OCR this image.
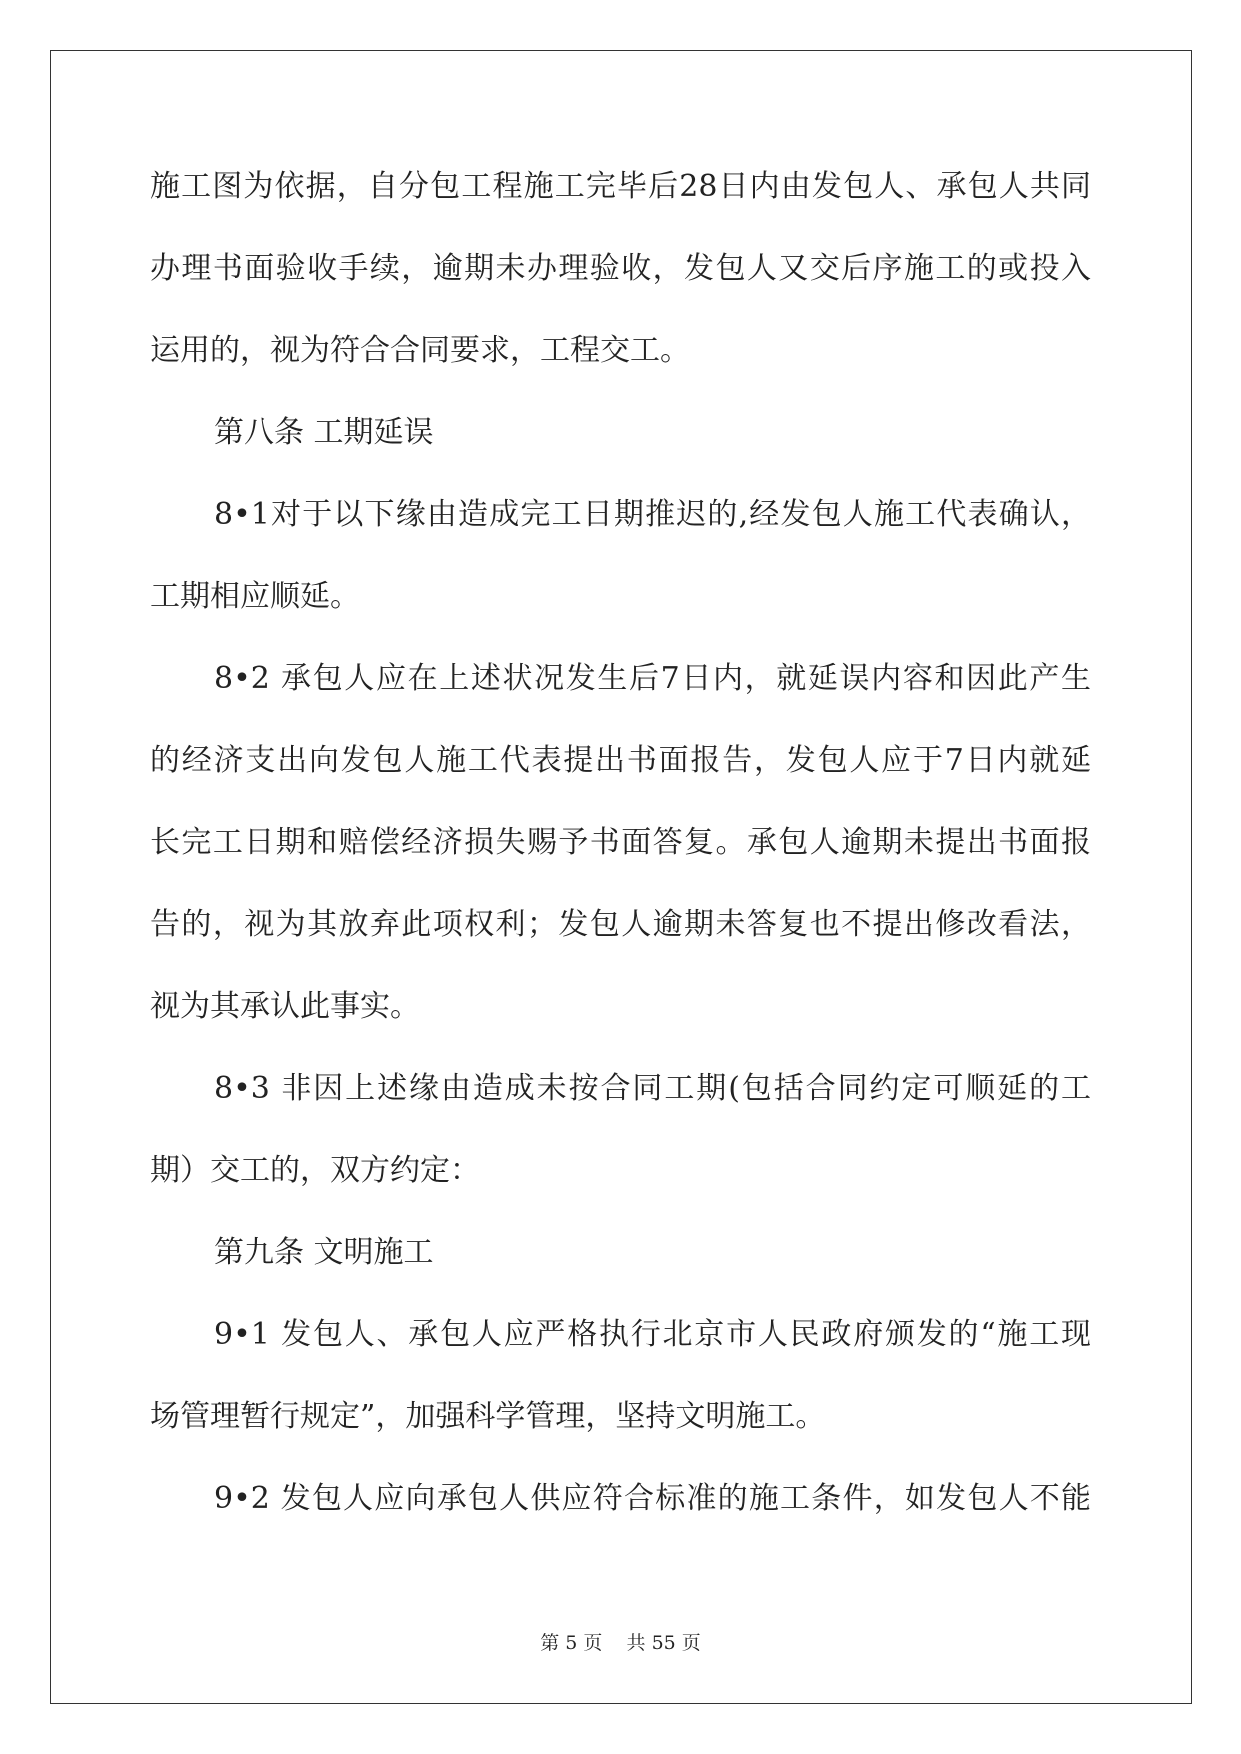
施工图为依据，自分包工程施工完毕后28日内由发包人、承包人共同
办理书面验收手续，逾期未办理验收，发包人又交后序施工的或投入
运用的，视为符合合同要求，工程交工。
第八条 工期延误
8•1对于以下缘由造成完工日期推迟的,经发包人施工代表确认，
工期相应顺延。
8•2 承包人应在上述状况发生后7日内，就延误内容和因此产生
的经济支出向发包人施工代表提出书面报告，发包人应于7日内就延
长完工日期和赔偿经济损失赐予书面答复。承包人逾期未提出书面报
告的，视为其放弃此项权利；发包人逾期未答复也不提出修改看法，
视为其承认此事实。
8•3 非因上述缘由造成未按合同工期(包括合同约定可顺延的工
期）交工的，双方约定：
第九条 文明施工
9•1 发包人、承包人应严格执行北京市人民政府颁发的“施工现
场管理暂行规定”，加强科学管理，坚持文明施工。
9•2 发包人应向承包人供应符合标准的施工条件，如发包人不能
第 5 页    共 55 页
